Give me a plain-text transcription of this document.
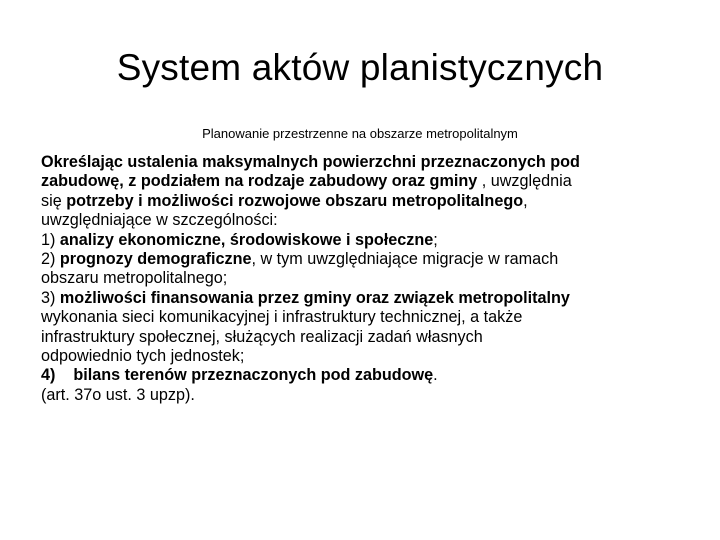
System aktów planistycznych

Planowanie przestrzenne na obszarze metropolitalnym

Określając ustalenia maksymalnych powierzchni przeznaczonych pod
zabudowę, z podziałem na rodzaje zabudowy oraz gminy , uwzględnia
się potrzeby i możliwości rozwojowe obszaru metropolitalnego,
uwzględniające w szczególności:
1) analizy ekonomiczne, środowiskowe i społeczne;
2) prognozy demograficzne, w tym uwzględniające migracje w ramach
obszaru metropolitalnego;
3) możliwości finansowania przez gminy oraz związek metropolitalny
wykonania sieci komunikacyjnej i infrastruktury technicznej, a także
infrastruktury społecznej, służących realizacji zadań własnych
odpowiednio tych jednostek;
4)    bilans terenów przeznaczonych pod zabudowę.
(art. 37o ust. 3 upzp).
